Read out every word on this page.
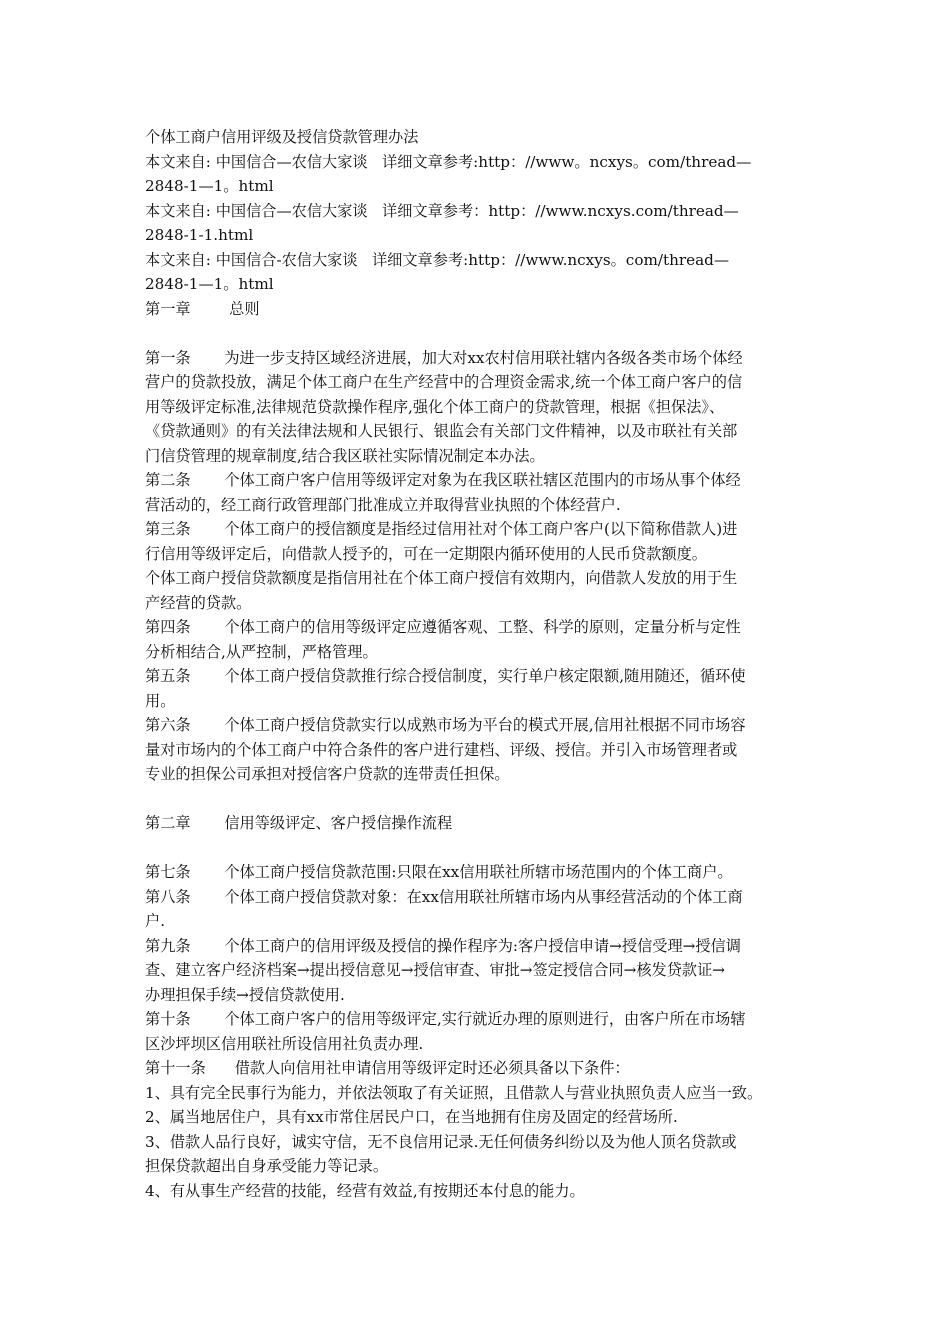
个体工商户信用评级及授信贷款管理办法
本文来自: 中国信合—农信大家谈   详细文章参考:http：//www。ncxys。com/thread—
2848-1—1。html
本文来自: 中国信合—农信大家谈   详细文章参考：http：//www.ncxys.com/thread—
2848-1-1.html
本文来自: 中国信合-农信大家谈   详细文章参考:http：//www.ncxys。com/thread—
2848-1—1。html
第一章        总则
第一条       为进一步支持区域经济进展，加大对xx农村信用联社辖内各级各类市场个体经
营户的贷款投放，满足个体工商户在生产经营中的合理资金需求,统一个体工商户客户的信
用等级评定标准,法律规范贷款操作程序,强化个体工商户的贷款管理，根据《担保法》、
《贷款通则》的有关法律法规和人民银行、银监会有关部门文件精神，以及市联社有关部
门信贷管理的规章制度,结合我区联社实际情况制定本办法。
第二条       个体工商户客户信用等级评定对象为在我区联社辖区范围内的市场从事个体经
营活动的，经工商行政管理部门批准成立并取得营业执照的个体经营户.
第三条       个体工商户的授信额度是指经过信用社对个体工商户客户(以下简称借款人)进
行信用等级评定后，向借款人授予的，可在一定期限内循环使用的人民币贷款额度。
个体工商户授信贷款额度是指信用社在个体工商户授信有效期内，向借款人发放的用于生
产经营的贷款。
第四条       个体工商户的信用等级评定应遵循客观、工整、科学的原则，定量分析与定性
分析相结合,从严控制，严格管理。
第五条       个体工商户授信贷款推行综合授信制度，实行单户核定限额,随用随还，循环使
用。
第六条       个体工商户授信贷款实行以成熟市场为平台的模式开展,信用社根据不同市场容
量对市场内的个体工商户中符合条件的客户进行建档、评级、授信。并引入市场管理者或
专业的担保公司承担对授信客户贷款的连带责任担保。
第二章       信用等级评定、客户授信操作流程
第七条       个体工商户授信贷款范围:只限在xx信用联社所辖市场范围内的个体工商户。
第八条       个体工商户授信贷款对象：在xx信用联社所辖市场内从事经营活动的个体工商
户.
第九条       个体工商户的信用评级及授信的操作程序为:客户授信申请→授信受理→授信调
查、建立客户经济档案→提出授信意见→授信审查、审批→签定授信合同→核发贷款证→
办理担保手续→授信贷款使用.
第十条       个体工商户客户的信用等级评定,实行就近办理的原则进行，由客户所在市场辖
区沙坪坝区信用联社所设信用社负责办理.
第十一条      借款人向信用社申请信用等级评定时还必须具备以下条件：
1、具有完全民事行为能力，并依法领取了有关证照，且借款人与营业执照负责人应当一致。
2、属当地居住户，具有xx市常住居民户口，在当地拥有住房及固定的经营场所.
3、借款人品行良好，诚实守信，无不良信用记录.无任何债务纠纷以及为他人顶名贷款或
担保贷款超出自身承受能力等记录。
4、有从事生产经营的技能，经营有效益,有按期还本付息的能力。
